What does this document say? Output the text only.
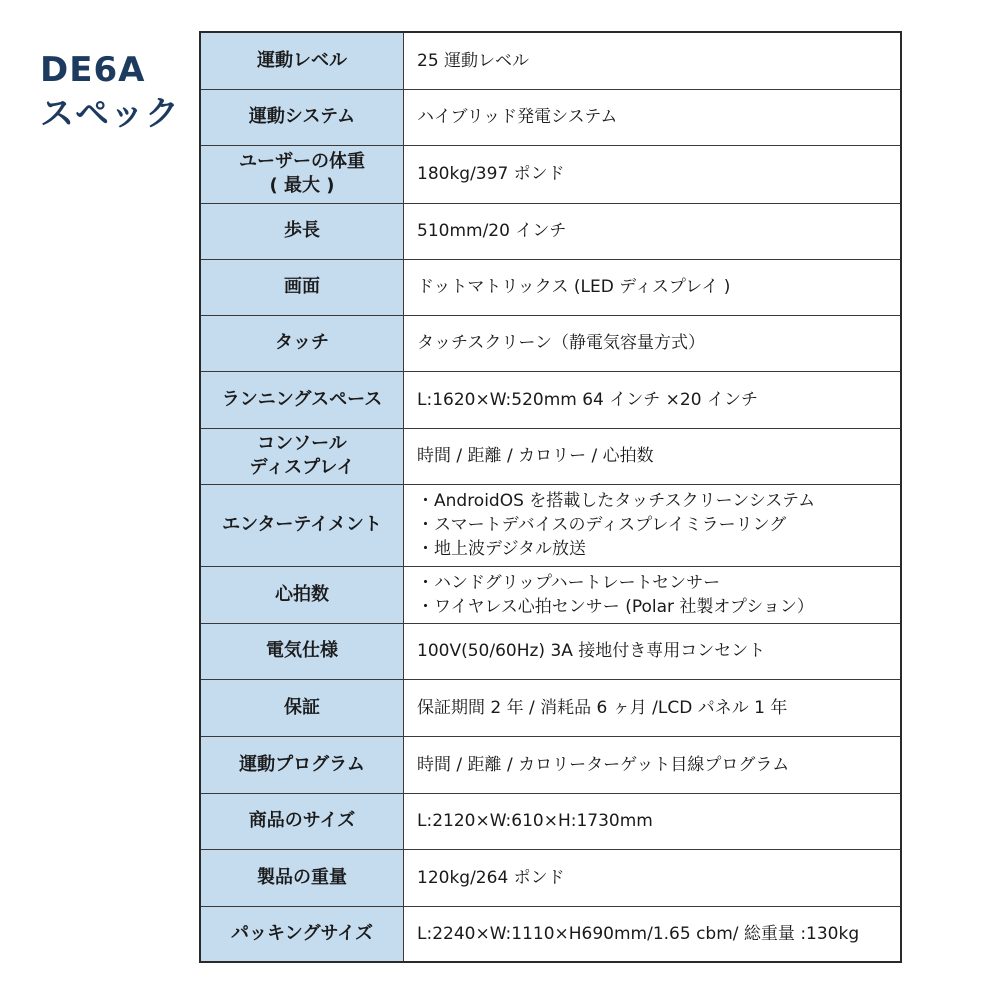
DE6A
スペック
運動レベル	25 運動レベル

運動システム	ハイブリッド発電システム

ユーザーの体重
( 最大 )	180kg/397 ポンド

歩長	510mm/20 インチ

画面	ドットマトリックス (LED ディスプレイ )

タッチ	タッチスクリーン（静電気容量方式）

ランニングスペース	L:1620×W:520mm 64 インチ ×20 インチ

コンソール
ディスプレイ	時間 / 距離 / カロリー / 心拍数

エンターテイメント	・AndroidOS を搭載したタッチスクリーンシステム
・スマートデバイスのディスプレイミラーリング
・地上波デジタル放送

心拍数	・ハンドグリップハートレートセンサー
・ワイヤレス心拍センサー (Polar 社製オプション）

電気仕様	100V(50/60Hz) 3A 接地付き専用コンセント

保証	保証期間 2 年 / 消耗品 6 ヶ月 /LCD パネル 1 年

運動プログラム	時間 / 距離 / カロリーターゲット目線プログラム

商品のサイズ	L:2120×W:610×H:1730mm

製品の重量	120kg/264 ポンド

パッキングサイズ	L:2240×W:1110×H690mm/1.65 cbm/ 総重量 :130kg
